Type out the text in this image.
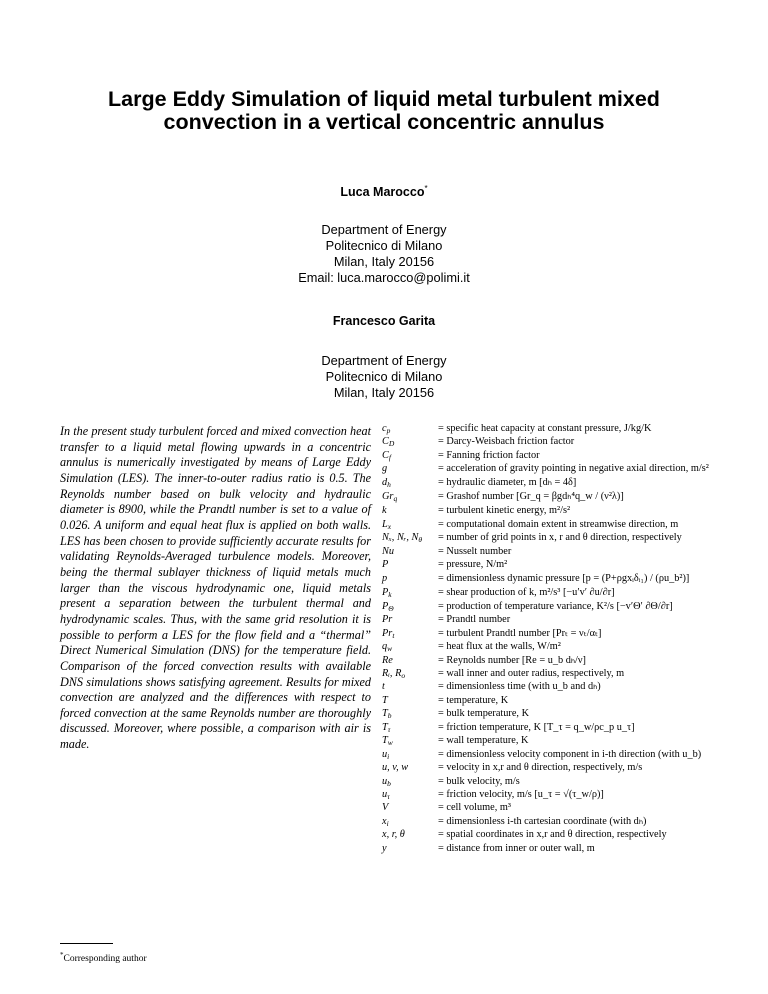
Large Eddy Simulation of liquid metal turbulent mixed convection in a vertical concentric annulus
Luca Marocco*
Department of Energy
Politecnico di Milano
Milan, Italy 20156
Email: luca.marocco@polimi.it
Francesco Garita
Department of Energy
Politecnico di Milano
Milan, Italy 20156
In the present study turbulent forced and mixed convection heat transfer to a liquid metal flowing upwards in a concentric annulus is numerically investigated by means of Large Eddy Simulation (LES). The inner-to-outer radius ratio is 0.5. The Reynolds number based on bulk velocity and hydraulic diameter is 8900, while the Prandtl number is set to a value of 0.026. A uniform and equal heat flux is applied on both walls. LES has been chosen to provide sufficiently accurate results for validating Reynolds-Averaged turbulence models. Moreover, being the thermal sublayer thickness of liquid metals much larger than the viscous hydrodynamic one, liquid metals present a separation between the turbulent thermal and hydrodynamic scales. Thus, with the same grid resolution it is possible to perform a LES for the flow field and a “thermal” Direct Numerical Simulation (DNS) for the temperature field. Comparison of the forced convection results with available DNS simulations shows satisfying agreement. Results for mixed convection are analyzed and the differences with respect to forced convection at the same Reynolds number are thoroughly discussed. Moreover, where possible, a comparison with air is made.
$c_p$	= specific heat capacity at constant pressure, J/kg/K
$C_D$	= Darcy-Weisbach friction factor
$C_f$	= Fanning friction factor
g	= acceleration of gravity pointing in negative axial direction, m/s²
$d_h$	= hydraulic diameter, m [dₕ = 4δ]
$Gr_q$	= Grashof number [Gr_q = βgdₕ⁴q_w / (ν²λ)]
k	= turbulent kinetic energy, m²/s²
$L_x$	= computational domain extent in streamwise direction, m
Nₓ, Nᵣ, $N_\theta$	= number of grid points in x, r and θ direction, respectively
Nu	= Nusselt number
P	= pressure, N/m²
p	= dimensionless dynamic pressure [p = (P+ρgxᵢδᵢ₁) / (ρu_b²)]
$P_k$	= shear production of k, m²/s³ [−u′v′ ∂u/∂r]
$P_\Theta$	= production of temperature variance, K²/s [−v′Θ′ ∂Θ/∂r]
Pr	= Prandtl number
$Pr_t$	= turbulent Prandtl number [Prₜ = νₜ/αₜ]
$q_w$	= heat flux at the walls, W/m²
Re	= Reynolds number [Re = u_b dₕ/ν]
Rᵢ, $R_o$	= wall inner and outer radius, respectively, m
t	= dimensionless time (with u_b and dₕ)
T	= temperature, K
$T_b$	= bulk temperature, K
$T_\tau$	= friction temperature, K [T_τ = q_w/ρc_p u_τ]
$T_w$	= wall temperature, K
$u_i$	= dimensionless velocity component in i-th direction (with u_b)
u, v, w	= velocity in x,r and θ direction, respectively, m/s
$u_b$	= bulk velocity, m/s
$u_\tau$	= friction velocity, m/s [u_τ = √(τ_w/ρ)]
V	= cell volume, m³
$x_i$	= dimensionless i-th cartesian coordinate (with dₕ)
x, r, θ	= spatial coordinates in x,r and θ direction, respectively
y	= distance from inner or outer wall, m
*Corresponding author
